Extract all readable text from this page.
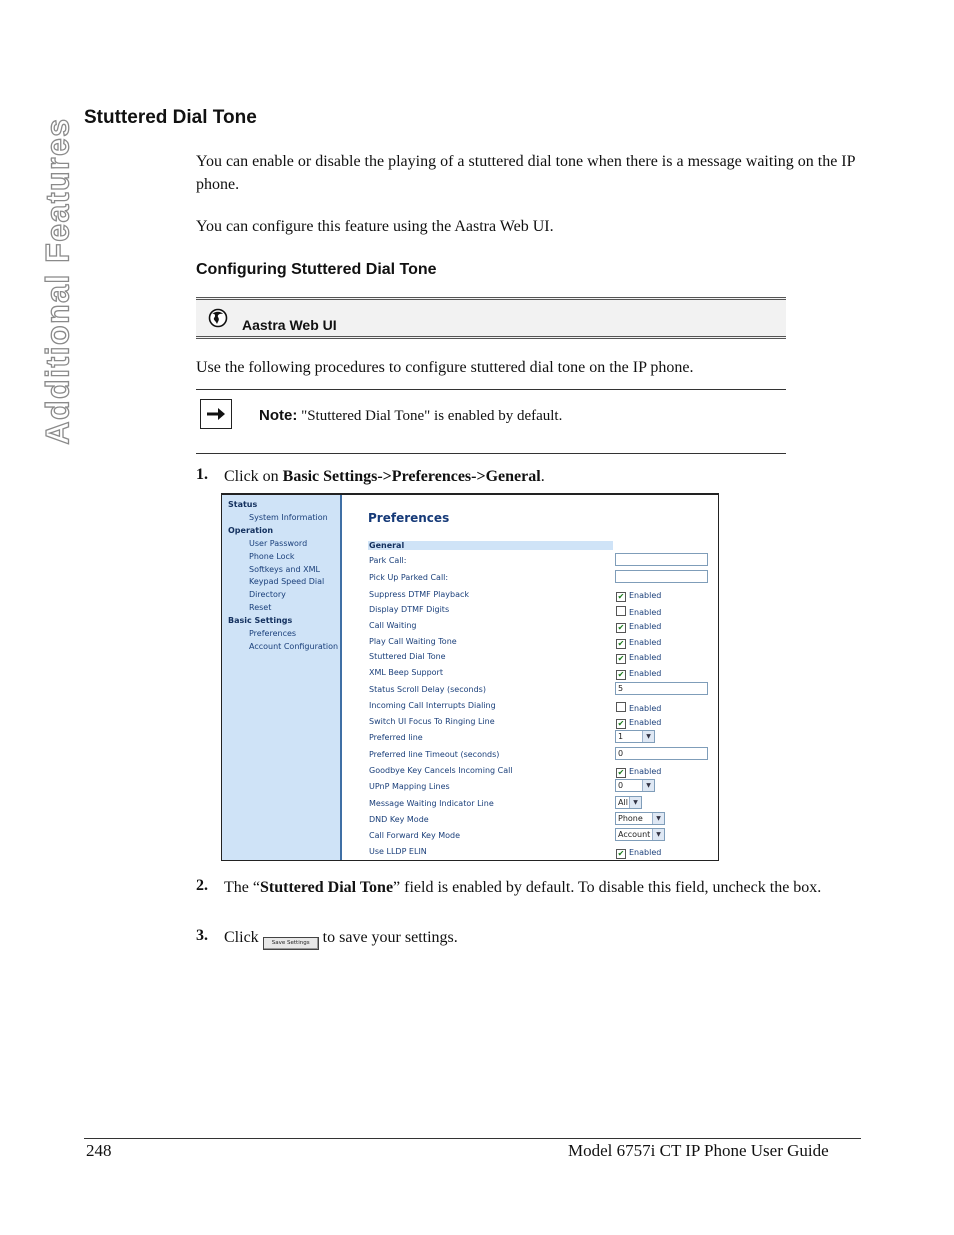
Additional Features Stuttered Dial Tone
You can enable or disable the playing of a stuttered dial tone when there is a message waiting on the IP phone.
You can configure this feature using the Aastra Web UI.
Configuring Stuttered Dial Tone
Aastra Web UI
Use the following procedures to configure stuttered dial tone on the IP phone.
Note: "Stuttered Dial Tone" is enabled by default.
1. Click on Basic Settings->Preferences->General.
Status
System Information
Operation
User Password
Phone Lock
Softkeys and XML
Keypad Speed Dial
Directory
Reset
Basic Settings
Preferences
Account Configuration
Preferences
General
Park Call:
Pick Up Parked Call:
Suppress DTMF Playback	✔ Enabled
Display DTMF Digits	Enabled
Call Waiting	✔ Enabled
Play Call Waiting Tone	✔ Enabled
Stuttered Dial Tone	✔ Enabled
XML Beep Support	✔ Enabled
Status Scroll Delay (seconds)	5
Incoming Call Interrupts Dialing	Enabled
Switch UI Focus To Ringing Line	✔ Enabled
Preferred line	1	▼
Preferred line Timeout (seconds)	0
Goodbye Key Cancels Incoming Call	✔ Enabled
UPnP Mapping Lines	0	▼
Message Waiting Indicator Line	All ▼
DND Key Mode	Phone	▼
Call Forward Key Mode	Account ▼
Use LLDP ELIN	✔ Enabled
2. The “Stuttered Dial Tone” field is enabled by default. To disable this field, uncheck the box.
3. Click Save Settings to save your settings.
248	Model 6757i CT IP Phone User Guide
